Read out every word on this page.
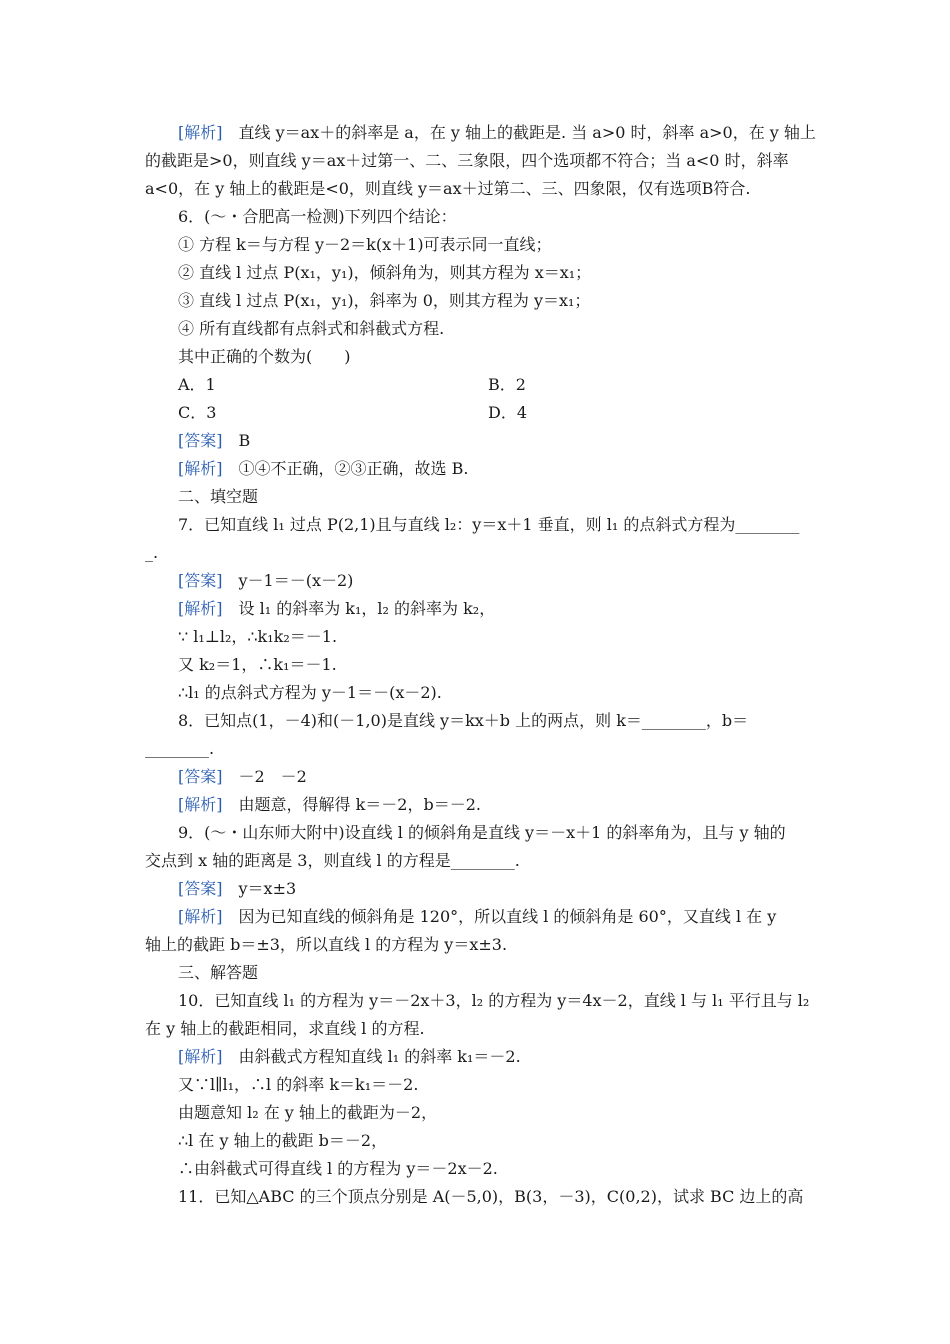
[解析]　直线 y＝ax＋的斜率是 a，在 y 轴上的截距是. 当 a>0 时，斜率 a>0，在 y 轴上
的截距是>0，则直线 y＝ax＋过第一、二、三象限，四个选项都不符合；当 a<0 时，斜率
a<0，在 y 轴上的截距是<0，则直线 y＝ax＋过第二、三、四象限，仅有选项B符合.
6．(～・合肥高一检测)下列四个结论：
① 方程 k＝与方程 y－2＝k(x＋1)可表示同一直线；
② 直线 l 过点 P(x₁，y₁)，倾斜角为，则其方程为 x＝x₁；
③ 直线 l 过点 P(x₁，y₁)，斜率为 0，则其方程为 y＝x₁；
④ 所有直线都有点斜式和斜截式方程.
其中正确的个数为(　　)
A．1	B．2
C．3	D．4
[答案]　B
[解析]　①④不正确，②③正确，故选 B.
二、填空题
7．已知直线 l₁ 过点 P(2,1)且与直线 l₂：y＝x＋1 垂直，则 l₁ 的点斜式方程为________
_.
[答案]　y－1＝－(x－2)
[解析]　设 l₁ 的斜率为 k₁，l₂ 的斜率为 k₂，
∵ l₁⊥l₂，∴k₁k₂＝－1.
又 k₂＝1，∴k₁＝－1.
∴l₁ 的点斜式方程为 y－1＝－(x－2).
8．已知点(1，－4)和(－1,0)是直线 y＝kx＋b 上的两点，则 k＝________，b＝
________.
[答案]　－2　－2
[解析]　由题意，得解得 k＝－2，b＝－2.
9．(～・山东师大附中)设直线 l 的倾斜角是直线 y＝－x＋1 的斜率角为，且与 y 轴的
交点到 x 轴的距离是 3，则直线 l 的方程是________.
[答案]　y＝x±3
[解析]　因为已知直线的倾斜角是 120°，所以直线 l 的倾斜角是 60°，又直线 l 在 y
轴上的截距 b＝±3，所以直线 l 的方程为 y＝x±3.
三、解答题
10．已知直线 l₁ 的方程为 y＝－2x＋3，l₂ 的方程为 y＝4x－2，直线 l 与 l₁ 平行且与 l₂
在 y 轴上的截距相同，求直线 l 的方程.
[解析]　由斜截式方程知直线 l₁ 的斜率 k₁＝－2.
又∵l∥l₁，∴l 的斜率 k＝k₁＝－2.
由题意知 l₂ 在 y 轴上的截距为－2，
∴l 在 y 轴上的截距 b＝－2，
∴由斜截式可得直线 l 的方程为 y＝－2x－2.
11．已知△ABC 的三个顶点分别是 A(－5,0)，B(3，－3)，C(0,2)，试求 BC 边上的高
